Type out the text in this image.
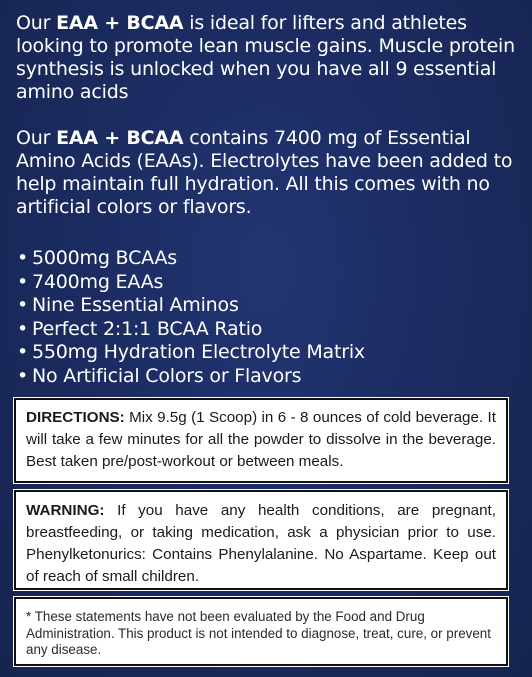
Our EAA + BCAA is ideal for lifters and athletes looking to promote lean muscle gains. Muscle protein synthesis is unlocked when you have all 9 essential amino acids

Our EAA + BCAA contains 7400 mg of Essential Amino Acids (EAAs). Electrolytes have been added to help maintain full hydration. All this comes with no artificial colors or flavors.

• 5000mg BCAAs
• 7400mg EAAs
• Nine Essential Aminos
• Perfect 2:1:1 BCAA Ratio
• 550mg Hydration Electrolyte Matrix
• No Artificial Colors or Flavors

DIRECTIONS: Mix 9.5g (1 Scoop) in 6 - 8 ounces of cold beverage. It will take a few minutes for all the powder to dissolve in the beverage. Best taken pre/post-workout or between meals.

WARNING: If you have any health conditions, are pregnant, breastfeeding, or taking medication, ask a physician prior to use. Phenylketonurics: Contains Phenylalanine. No Aspartame. Keep out of reach of small children.

* These statements have not been evaluated by the Food and Drug Administration. This product is not intended to diagnose, treat, cure, or prevent any disease.
